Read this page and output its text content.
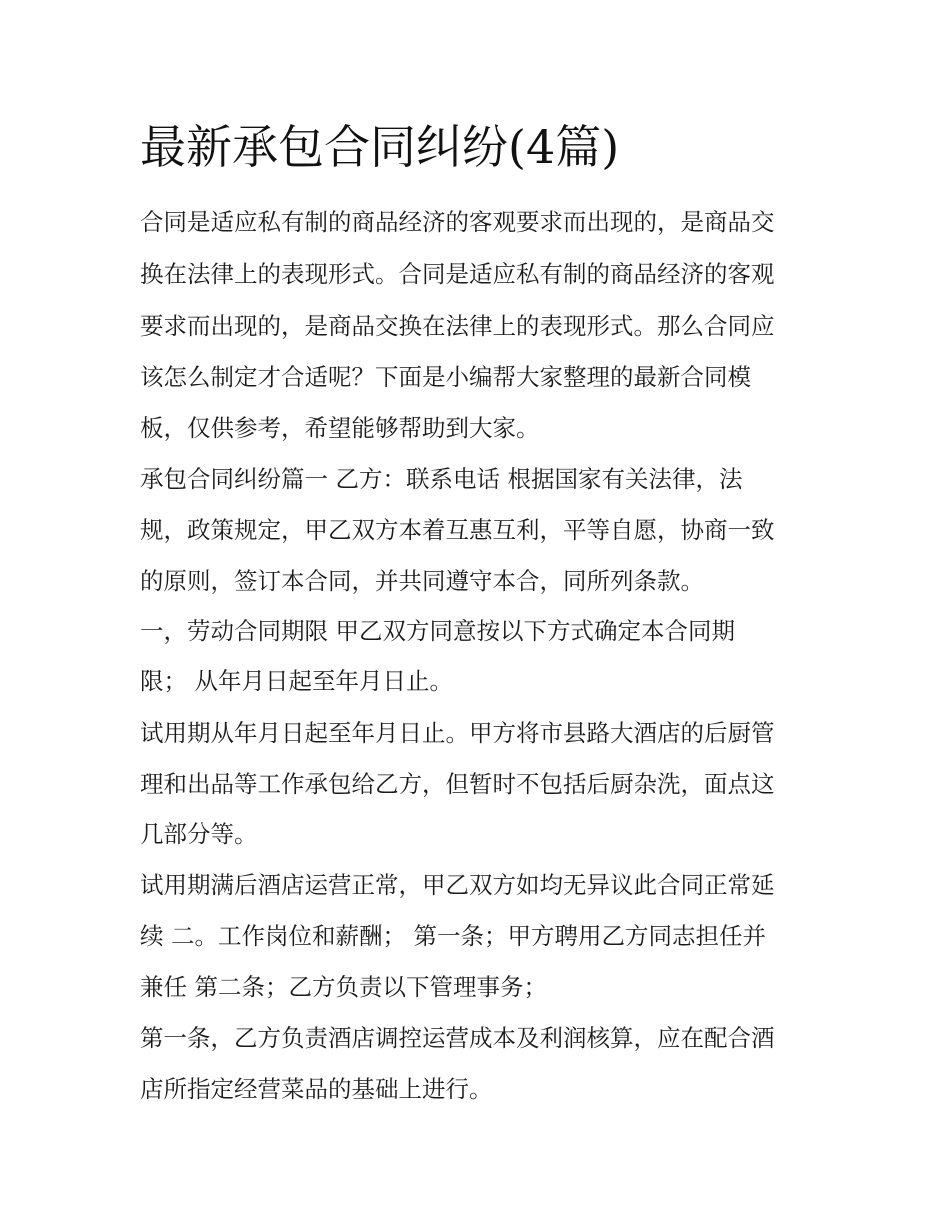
最新承包合同纠纷(4篇)

合同是适应私有制的商品经济的客观要求而出现的，是商品交

换在法律上的表现形式。合同是适应私有制的商品经济的客观

要求而出现的，是商品交换在法律上的表现形式。那么合同应

该怎么制定才合适呢？下面是小编帮大家整理的最新合同模

板，仅供参考，希望能够帮助到大家。

承包合同纠纷篇一 乙方：联系电话 根据国家有关法律，法

规，政策规定，甲乙双方本着互惠互利，平等自愿，协商一致

的原则，签订本合同，并共同遵守本合，同所列条款。

一，劳动合同期限 甲乙双方同意按以下方式确定本合同期

限； 从年月日起至年月日止。

试用期从年月日起至年月日止。甲方将市县路大酒店的后厨管

理和出品等工作承包给乙方，但暂时不包括后厨杂洗，面点这

几部分等。

试用期满后酒店运营正常，甲乙双方如均无异议此合同正常延

续 二。工作岗位和薪酬； 第一条；甲方聘用乙方同志担任并

兼任 第二条；乙方负责以下管理事务；

第一条，乙方负责酒店调控运营成本及利润核算，应在配合酒

店所指定经营菜品的基础上进行。
